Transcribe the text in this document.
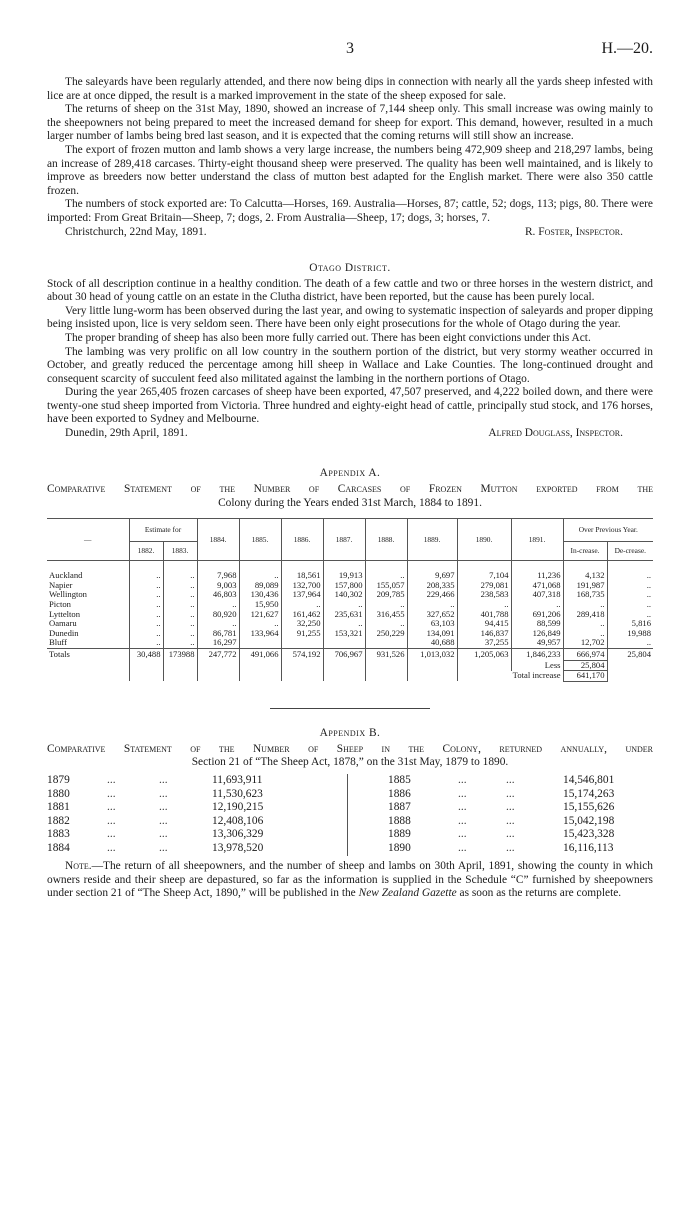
3	H.—20.

The saleyards have been regularly attended, and there now being dips in connection with nearly all the yards sheep infested with lice are at once dipped, the result is a marked improvement in the state of the sheep exposed for sale.

The returns of sheep on the 31st May, 1890, showed an increase of 7,144 sheep only. This small increase was owing mainly to the sheepowners not being prepared to meet the increased demand for sheep for export. This demand, however, resulted in a much larger number of lambs being bred last season, and it is expected that the coming returns will still show an increase.

The export of frozen mutton and lamb shows a very large increase, the numbers being 472,909 sheep and 218,297 lambs, being an increase of 289,418 carcases. Thirty-eight thousand sheep were preserved. The quality has been well maintained, and is likely to improve as breeders now better understand the class of mutton best adapted for the English market. There were also 350 cattle frozen.

The numbers of stock exported are: To Calcutta—Horses, 169. Australia—Horses, 87; cattle, 52; dogs, 113; pigs, 80. There were imported: From Great Britain—Sheep, 7; dogs, 2. From Australia—Sheep, 17; dogs, 3; horses, 7.

Christchurch, 22nd May, 1891.	R. Foster, Inspector.
Otago District.

Stock of all description continue in a healthy condition. The death of a few cattle and two or three horses in the western district, and about 30 head of young cattle on an estate in the Clutha district, have been reported, but the cause has been purely local.

Very little lung-worm has been observed during the last year, and owing to systematic inspection of saleyards and proper dipping being insisted upon, lice is very seldom seen. There have been only eight prosecutions for the whole of Otago during the year.

The proper branding of sheep has also been more fully carried out. There has been eight convictions under this Act.

The lambing was very prolific on all low country in the southern portion of the district, but very stormy weather occurred in October, and greatly reduced the percentage among hill sheep in Wallace and Lake Counties. The long-continued drought and consequent scarcity of succulent feed also militated against the lambing in the northern portions of Otago.

During the year 265,405 frozen carcases of sheep have been exported, 47,507 preserved, and 4,222 boiled down, and there were twenty-one stud sheep imported from Victoria. Three hundred and eighty-eight head of cattle, principally stud stock, and 176 horses, have been exported to Sydney and Melbourne.

Dunedin, 29th April, 1891.	Alfred Douglass, Inspector.
Appendix A.
Comparative Statement of the Number of Carcases of Frozen Mutton exported from the
Colony during the Years ended 31st March, 1884 to 1891.
—	Estimate for		1884.	1885.	1886.	1887.	1888.	1889.	1890.	1891.	Over Previous Year.	
	1882.	1883.									In-crease.	De-crease.

Auckland	..	..	7,968	..	18,561	19,913	..	9,697	7,104	11,236	4,132	..
Napier	..	..	9,003	89,089	132,700	157,800	155,057	208,335	279,081	471,068	191,987	..
Wellington	..	..	46,803	130,436	137,964	140,302	209,785	229,466	238,583	407,318	168,735	..
Picton	..	..	..	15,950	..	..	..	..	..	..	..	..
Lyttelton	..	..	80,920	121,627	161,462	235,631	316,455	327,652	401,788	691,206	289,418	..
Oamaru	..	..	..	..	32,250	..	..	63,103	94,415	88,599	..	5,816
Dunedin	..	..	86,781	133,964	91,255	153,321	250,229	134,091	146,837	126,849	..	19,988
Bluff	..	..	16,297					40,688	37,255	49,957	12,702	..
Totals	30,488	173988	247,772	491,066	574,192	706,967	931,526	1,013,032	1,205,063	1,846,233	666,974	25,804
										Less	25,804	
									Total increase		641,170	
Appendix B.
Comparative Statement of the Number of Sheep in the Colony, returned annually, under
Section 21 of “The Sheep Act, 1878,” on the 31st May, 1879 to 1890.
1879	...	...	11,693,911
1880	...	...	11,530,623
1881	...	...	12,190,215
1882	...	...	12,408,106
1883	...	...	13,306,329
1884	...	...	13,978,520
1885	...	...	14,546,801
1886	...	...	15,174,263
1887	...	...	15,155,626
1888	...	...	15,042,198
1889	...	...	15,423,328
1890	...	...	16,116,113

Note.—The return of all sheepowners, and the number of sheep and lambs on 30th April, 1891, showing the county in which owners reside and their sheep are depastured, so far as the information is supplied in the Schedule “C” furnished by sheepowners under section 21 of “The Sheep Act, 1890,” will be published in the New Zealand Gazette as soon as the returns are complete.
